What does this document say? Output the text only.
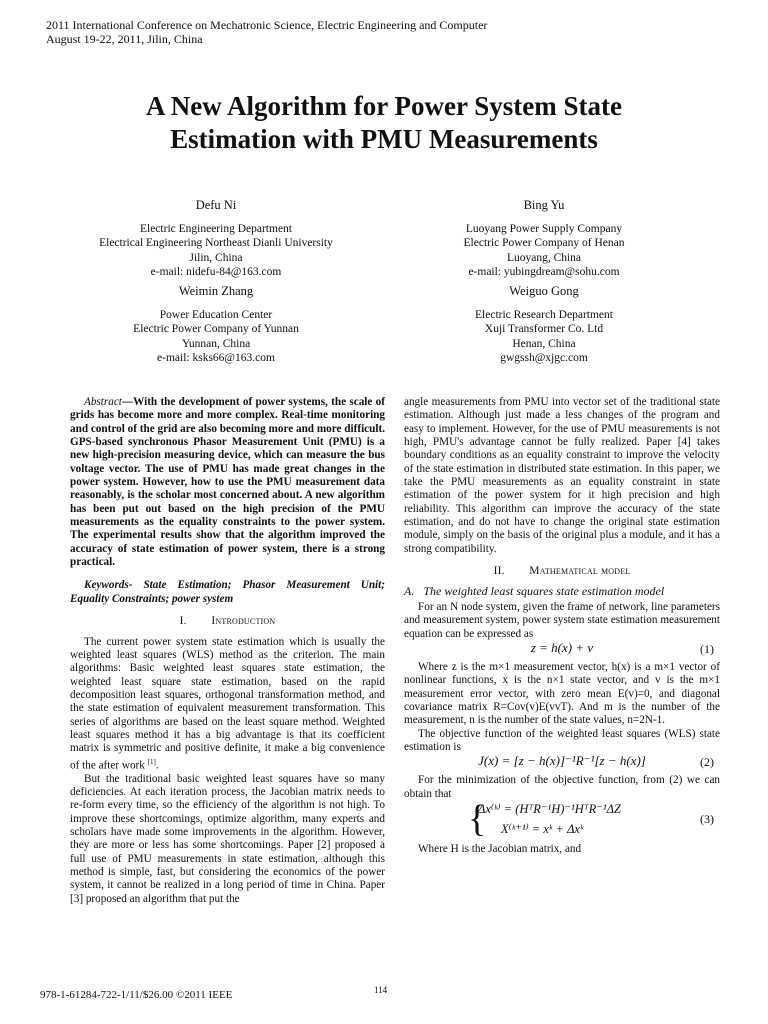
2011 International Conference on Mechatronic Science, Electric Engineering and Computer
August 19-22, 2011, Jilin, China
A New Algorithm for Power System State
Estimation with PMU Measurements
Defu Ni
Electric Engineering Department
Electrical Engineering Northeast Dianli University
Jilin, China
e-mail: nidefu-84@163.com
Bing Yu
Luoyang Power Supply Company
Electric Power Company of Henan
Luoyang, China
e-mail: yubingdream@sohu.com
Weimin Zhang
Power Education Center
Electric Power Company of Yunnan
Yunnan, China
e-mail: ksks66@163.com
Weiguo Gong
Electric Research Department
Xuji Transformer Co. Ltd
Henan, China
gwgssh@xjgc.com

Abstract—With the development of power systems, the scale of grids has become more and more complex. Real-time monitoring and control of the grid are also becoming more and more difficult. GPS-based synchronous Phasor Measurement Unit (PMU) is a new high-precision measuring device, which can measure the bus voltage vector. The use of PMU has made great changes in the power system. However, how to use the PMU measurement data reasonably, is the scholar most concerned about. A new algorithm has been put out based on the high precision of the PMU measurements as the equality constraints to the power system. The experimental results show that the algorithm improved the accuracy of state estimation of power system, there is a strong practical.

Keywords- State Estimation; Phasor Measurement Unit; Equality Constraints; power system

I.        Introduction

The current power system state estimation which is usually the weighted least squares (WLS) method as the criterion. The main algorithms: Basic weighted least squares state estimation, the weighted least square state estimation, based on the rapid decomposition least squares, orthogonal transformation method, and the state estimation of equivalent measurement transformation. This series of algorithms are based on the least square method. Weighted least squares method it has a big advantage is that its coefficient matrix is symmetric and positive definite, it make a big convenience of the after work [1].

But the traditional basic weighted least squares have so many deficiencies. At each iteration process, the Jacobian matrix needs to re-form every time, so the efficiency of the algorithm is not high. To improve these shortcomings, optimize algorithm, many experts and scholars have made some improvements in the algorithm. However, they are more or less has some shortcomings. Paper [2] proposed a full use of PMU measurements in state estimation, although this method is simple, fast, but considering the economics of the power system, it cannot be realized in a long period of time in China. Paper [3] proposed an algorithm that put the

angle measurements from PMU into vector set of the traditional state estimation. Although just made a less changes of the program and easy to implement. However, for the use of PMU measurements is not high, PMU's advantage cannot be fully realized. Paper [4] takes boundary conditions as an equality constraint to improve the velocity of the state estimation in distributed state estimation. In this paper, we take the PMU measurements as an equality constraint in state estimation of the power system for it high precision and high reliability. This algorithm can improve the accuracy of the state estimation, and do not have to change the original state estimation module, simply on the basis of the original plus a module, and it has a strong compatibility.

II.        Mathematical model

A.   The weighted least squares state estimation model

For an N node system, given the frame of network, line parameters and measurement system, power system state estimation measurement equation can be expressed as

z = h(x) + v	(1)

Where z is the m×1 measurement vector, h(x) is a m×1 vector of nonlinear functions, x is the n×1 state vector, and v is the m×1 measurement error vector, with zero mean E(v)=0, and diagonal covariance matrix R=Cov(v)E(vvT). And m is the number of the measurement, n is the number of the state values, n=2N-1.

The objective function of the weighted least squares (WLS) state estimation is

J(x) = [z − h(x)]⁻¹R⁻¹[z − h(x)]	(2)

For the minimization of the objective function, from (2) we can obtain that

{
Δx⁽ᵏ⁾ = (HᵀR⁻¹H)⁻¹HᵀR⁻¹ΔZ
X⁽ᵏ⁺¹⁾ = xᵏ + Δxᵏ
(3)

Where H is the Jacobian matrix, and

978-1-61284-722-1/11/$26.00 ©2011 IEEE	114
